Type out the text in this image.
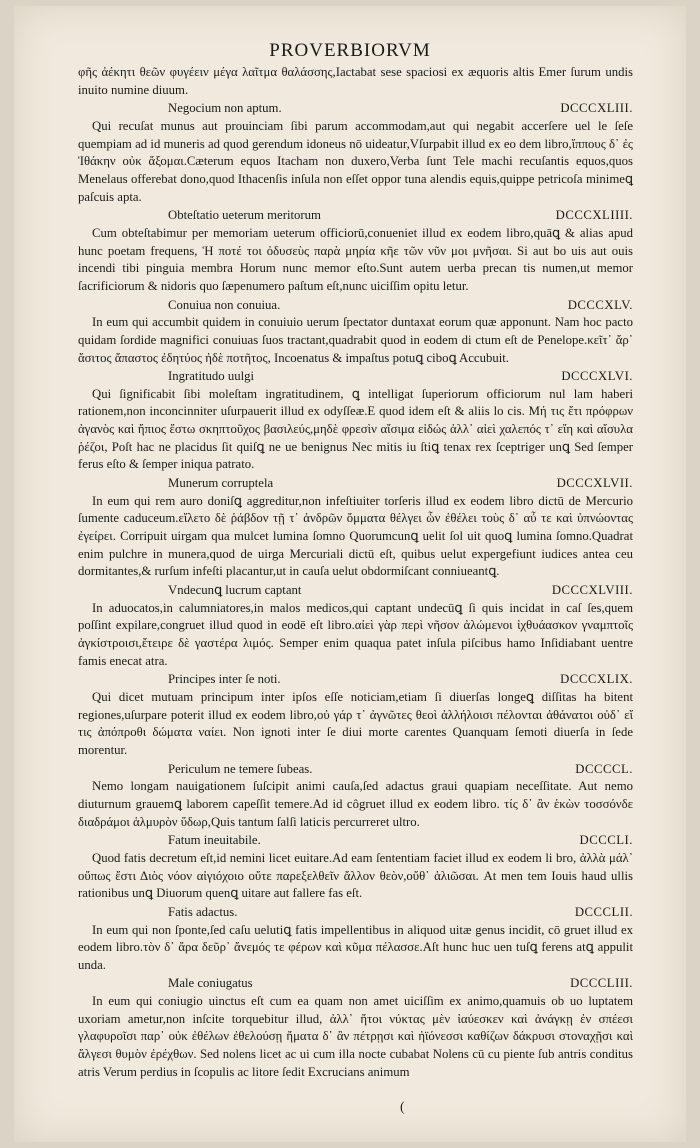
PROVERBIORVM

φῆς ἀέκητι θεῶν φυγέειν μέγα λαῖτμα θαλάσσης,Iactabat sese spaciosi ex æquoris altis Emer ſurum undis inuito numine diuum.

Negocium non aptum.	DCCCXLIII.

Qui recuſat munus aut prouinciam ſibi parum accommodam,aut qui negabit accerſere uel le ſeſe quempiam ad id muneris ad quod gerendum idoneus nō uideatur,Vſurpabit illud ex eo dem libro,ἵππους δ᾽ ἐς Ἰθάκην οὐκ ἄξομαι.Cæterum equos Itacham non duxero,Verba ſunt Tele machi recuſantis equos,quos Menelaus offerebat dono,quod Ithacenſis inſula non eſſet oppor tuna alendis equis,quippe petricoſa minimeꝗ paſcuis apta.

Obteſtatio ueterum meritorum	DCCCXLIIII.

Cum obteſtabimur per memoriam ueterum officiorū,conueniet illud ex eodem libro,quāꝗ & alias apud hunc poetam frequens, Ἡ ποτέ τοι ὀδυσεὺς παρὰ μηρία κῆε τῶν νῦν μοι μνῆσαι. Si aut bo uis aut ouis incendi tibi pinguia membra Horum nunc memor eſto.Sunt autem uerba precan tis numen,ut memor ſacrificiorum & nidoris quo ſæpenumero paſtum eſt,nunc uiciſſim opitu letur.

Conuiua non conuiua.	DCCCXLV.

In eum qui accumbit quidem in conuiuio uerum ſpectator duntaxat eorum quæ apponunt. Nam hoc pacto quidam ſordide magnifici conuiuas ſuos tractant,quadrabit quod in eodem di ctum eſt de Penelope.κεῖτ᾽ ἄρ᾽ ἄσιτος ἄπαστος ἐδητύος ἠδὲ ποτῆτος, Incoenatus & impaſtus potuꝗ ciboꝗ Accubuit.

Ingratitudo uulgi	DCCCXLVI.

Qui ſignificabit ſibi moleſtam ingratitudinem, ꝗ intelligat ſuperiorum officiorum nul lam haberi rationem,non inconcinniter uſurpauerit illud ex odyſſeæ.E quod idem eſt & aliis lo cis. Μή τις ἔτι πρόφρων ἀγανὸς καὶ ἤπιος ἔστω σκηπτοῦχος βασιλεύς,μηδὲ φρεσὶν αἴσιμα εἰδώς ἀλλ᾽ αἰεὶ χαλεπός τ᾽ εἴη καὶ αἴσυλα ῥέζοι, Poſt hac ne placidus ſit quiſꝗ ne ue benignus Nec mitis iu ſtiꝗ tenax rex ſceptriger unꝗ Sed ſemper ferus eſto & ſemper iniqua patrato.

Munerum corruptela	DCCCXLVII.

In eum qui rem auro doniſꝗ aggreditur,non infeſtiuiter torſeris illud ex eodem libro dictū de Mercurio ſumente caduceum.εἵλετο δὲ ῥάβδον τῇ τ᾽ ἀνδρῶν ὄμματα θέλγει ὧν ἐθέλει τοὺς δ᾽ αὖ τε καὶ ὑπνώοντας ἐγείρει. Corripuit uirgam qua mulcet lumina ſomno Quorumcunꝗ uelit ſol uit quoꝗ lumina ſomno.Quadrat enim pulchre in munera,quod de uirga Mercuriali dictū eſt, quibus uelut expergefiunt iudices antea ceu dormitantes,& rurſum infeſti placantur,ut in cauſa uelut obdormiſcant conniueantꝗ.

Vndecunꝗ lucrum captant	DCCCXLVIII.

In aduocatos,in calumniatores,in malos medicos,qui captant undecūꝗ ſi quis incidat in caſ ſes,quem poſſint expilare,congruet illud quod in eodē eſt libro.αἰεὶ γὰρ περὶ νῆσον ἀλώμενοι ἰχθυάασκον γναμπτοῖς ἀγκίστροισι,ἔτειρε δὲ γαστέρα λιμός. Semper enim quaqua patet inſula piſcibus hamo Inſidiabant uentre famis enecat atra.

Principes inter ſe noti.	DCCCXLIX.

Qui dicet mutuam principum inter ipſos eſſe noticiam,etiam ſi diuerſas longeꝗ diſſitas ha bitent regiones,uſurpare poterit illud ex eodem libro,οὐ γάρ τ᾽ ἀγνῶτες θεοὶ ἀλλήλοισι πέλονται ἀθάνατοι οὐδ᾽ εἴ τις ἀπόπροθι δώματα ναίει. Non ignoti inter ſe diui morte carentes Quanquam ſemoti diuerſa in ſede morentur.

Periculum ne temere ſubeas.	DCCCCL.

Nemo longam nauigationem ſuſcipit animi cauſa,ſed adactus graui quapiam neceſſitate. Aut nemo diuturnum grauemꝗ laborem capeſſit temere.Ad id côgruet illud ex eodem libro. τίς δ᾽ ἂν ἑκὼν τοσσόνδε διαδράμοι ἁλμυρὸν ὕδωρ,Quis tantum ſalſi laticis percurreret ultro.

Fatum ineuitabile.	DCCCLI.

Quod fatis decretum eſt,id nemini licet euitare.Ad eam ſententiam faciet illud ex eodem li bro, ἀλλὰ μάλ᾽ οὔπως ἔστι Διὸς νόον αἰγιόχοιο οὔτε παρεξελθεῖν ἄλλον θεὸν,οὔθ᾽ ἁλιῶσαι. At men tem Iouis haud ullis rationibus unꝗ Diuorum quenꝗ uitare aut fallere fas eſt.

Fatis adactus.	DCCCLII.

In eum qui non ſponte,ſed caſu uelutiꝗ fatis impellentibus in aliquod uitæ genus incidit, cō gruet illud ex eodem libro.τὸν δ᾽ ἄρα δεῦρ᾽ ἄνεμός τε φέρων καὶ κῦμα πέλασσε.Aſt hunc huc uen tuſꝗ ferens atꝗ appulit unda.

Male coniugatus	DCCCLIII.

In eum qui coniugio uinctus eſt cum ea quam non amet uiciſſim ex animo,quamuis ob uo luptatem uxoriam ametur,non inſcite torquebitur illud, ἀλλ᾽ ἤτοι νύκτας μὲν ἰαύεσκεν καὶ ἀνάγκῃ ἐν σπέεσι γλαφυροῖσι παρ᾽ οὐκ ἐθέλων ἐθελούσῃ ἤματα δ᾽ ἂν πέτρῃσι καὶ ἠϊόνεσσι καθίζων δάκρυσι στοναχῇσι καὶ ἄλγεσι θυμὸν ἐρέχθων. Sed nolens licet ac ui cum illa nocte cubabat Nolens cū cu piente ſub antris conditus atris Verum perdius in ſcopulis ac litore ſedit Excrucians animum

(
